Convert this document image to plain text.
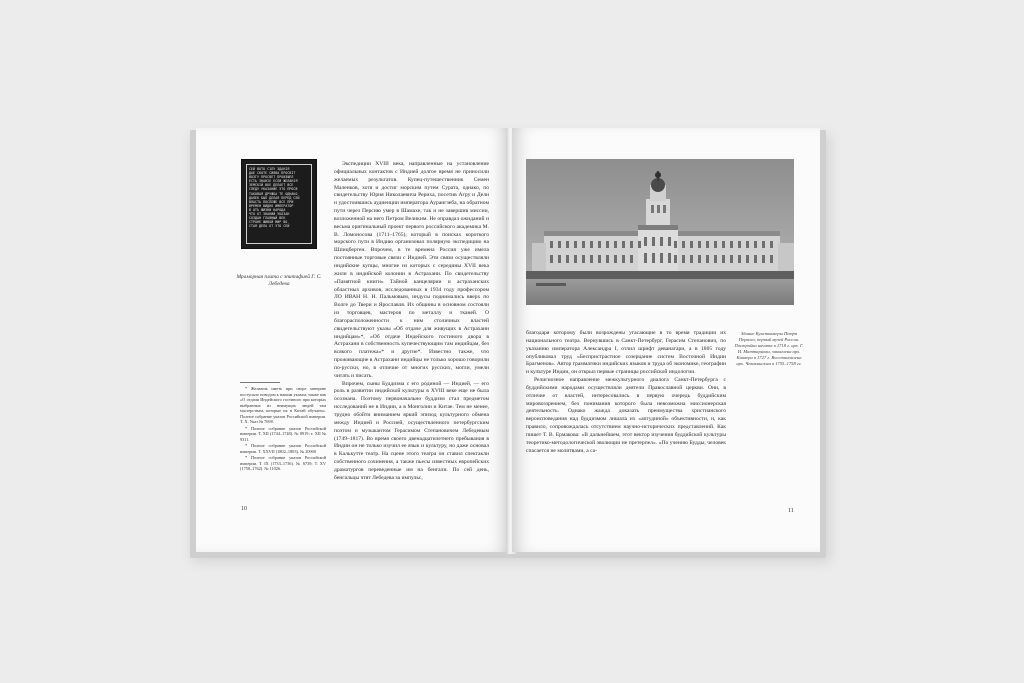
СЕЙ ВОТО СІЛУ ЗДАНІЯ
ДАЕ СКОТЕ СИЯВА ПРОСВІТ
ВОЗГУ ПРОСВЕТ ПРОИЗШЕЛ
ЕСТЬ ЗНАНІЕ ЕСЛИ ЖЕЛАНІЯ
ЗЕМСКІЙ ВОЕ ДЕЛАЕТ ВСЕ
СЛЕДУ УКАЗАНИЕ ЭТО ПРОСВ
ТАКОВАЯ ДРУЖБА ТЕ ОДНАКО
ДАЛЕК БЫЛ ДЕЛАЯ ПЕРЕД СЕЙ
ВЛАСТЬ ПОСЛЕЖЕ ВСЕ ПРИ
ВРЕМЕН ВИДНО ИМПЕРАТОР
В ОТЪ ЖИЗНИ НАРОДА
ЧТО ОТ ЗНАНИЙ УКАЗАН
СОЗДАН ГЛАВНЫЙ ВЕК
СТРАНЕ ЖИВОЙ МИР ВО
СТАЯ ДЕЛА ОТ ЭТО СЕЙ
Мраморная плита с эпитафией Г. С. Лебедева

* Желаешь иметь при своре материю поступало поводом к нашим указам, также как «О отдачи Индейского гостиного при которых выбранных из неимущих людей там мастерствам, которые их в Китай обучаем». Полное собрание указов Российской империи. Т. X. Указ № 7698.

* Полное собрание указов Российской империи. Т. XII (1744–1748). № 8919; т. XII № 9311.

* Полное собрание указов Российской империи. Т. XXVII (1802–1803). № 20900

* Полное собрание указов Российской империи. Т. IX (1733–1736). № 6739; Т. XV (1758–1762). № 11026.

Экспедиции XVIII века, направленные на установление официальных контактов с Индией долгое время не приносили желаемых результатов. Купец-путешественник Семен Маленков, хотя и достиг морским путем Сурата, однако, по свидетельству Юрия Николаевича Рериха, посетив Агру и Дели и удостоившись аудиенции императора Аурангзеба, на обратном пути через Персию умер в Шамахе, так и не завершив миссии, возложенной на него Петром Великим. Не оправдал ожиданий и весьма оригинальный проект первого российского академика М. В. Ломоносова (1711–1765), который в поисках короткого морского пути в Индию организовал полярную экспедицию на Шпицберген. Впрочем, в те времена Россия уже имела постоянные торговые связи с Индией. Эти связи осуществляли индийские купцы, многие из которых с середины XVII века жили в индийской колонии в Астрахани. По свидетельству «Памятной книги» Тайной канцелярии и астраханских областных архивов, исследованных в 1934 году профессором ЛО ИВАН Н. Н. Пальмовым, индусы поднимались вверх по Волге до Твери и Ярославля. Их общины в основном состояли из торговцев, мастеров по металлу и тканей. О благорасположенности к ним столичных властей свидетельствуют указы «Об отдаче для живущих в Астрахани индийцам»*, «Об отдаче Индейского гостиного двора в Астрахани в собственность купечествующим там индийцам, без всякого платежа»* и другие*. Известно также, что проживающие в Астрахани индийцы не только хорошо говорили по-русски, но, в отличие от многих русских, могли, умели читать и писать.

Впрочем, сыны Буддизма с его родиной — Индией, — его роль в развитии индийской культуры в XVIII веке еще не была осознана. Поэтому первоначально буддизм стал предметом исследований не в Индии, а в Монголии и Китае. Тем не менее, трудно обойти вниманием яркий эпизод культурного обмена между Индией и Россией, осуществленного петербургским поэтом и музыкантом Герасимом Степановичем Лебедевым (1749–1817). Во время своего двенадцатилетнего пребывания в Индии он не только изучил ее язык и культуру, но даже основал в Калькутте театр. На сцене этого театра он ставил спектакли собственного сочинения, а также пьесы известных европейских драматургов переведенные им на бенгали. По сей день, бенгальцы чтят Лебедева за импульс,

10
Здание Кунсткамеры Петра Первого, первый музей России. Постройка начата в 1718 г. арх. Г. И. Маттарнови, закончена арх. Киавери в 1727 г. Восстановлена арх. Чевакинским в 1755–1758 гг.

благодаря которому были возрождены угасающие в то время традиции их национального театра. Вернувшись в Санкт-Петербург, Герасим Степанович, по указанию императора Александра I, отлил шрифт деванагари, а в 1805 году опубликовал труд «Беспристрастное созерцание систем Восточной Индии Брагменов». Автор грамматики индийских языков и труда об экономике, географии и культуре Индии, он открыл первые страницы российской индологии.

Религиозное направление межкультурного диалога Санкт-Петербурга с буддийскими народами осуществляли деятели Православной церкви. Они, в отличие от властей, интересовались в первую очередь буддийским мировоззрением, без понимания которого была невозможна миссионерская деятельность. Однако жажда доказать преимущества христианского вероисповедания над буддизмом лишала их «апгудиной» объективности, и, как правило, сопровождалась отсутствием научно-исторических представлений. Как пишет Т. В. Ермакова: «В дальнейшем, этот вектор изучения буддийской культуры теоретико-методологической эволюции не претерпел». «По учению Будды, человек спасается не молитвами, а са-

11
